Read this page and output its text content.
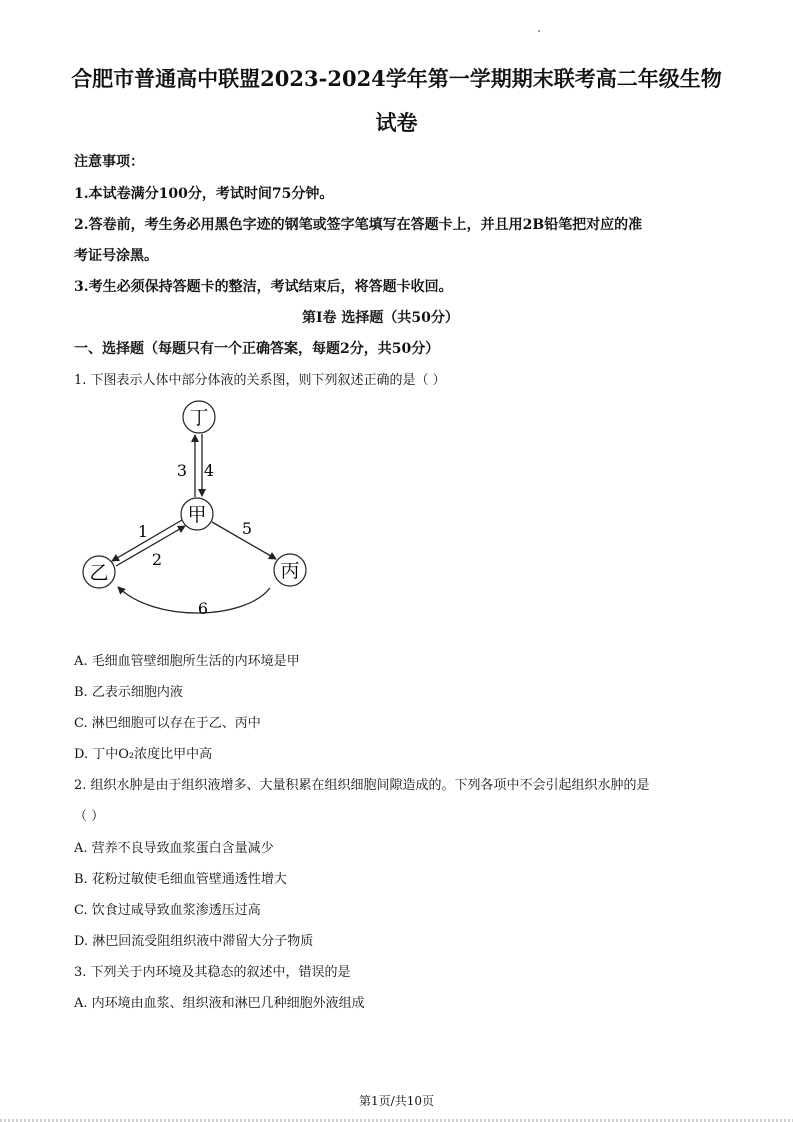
合肥市普通高中联盟2023-2024学年第一学期期末联考高二年级生物
试卷
注意事项：
1.本试卷满分100分，考试时间75分钟。
2.答卷前，考生务必用黑色字迹的钢笔或签字笔填写在答题卡上，并且用2B铅笔把对应的准
考证号涂黑。
3.考生必须保持答题卡的整洁，考试结束后，将答题卡收回。
第Ⅰ卷 选择题（共50分）
一、选择题（每题只有一个正确答案，每题2分，共50分）
1. 下图表示人体中部分体液的关系图，则下列叙述正确的是（ ）
丁
甲
乙	丙
3 4
1
2
5
6
A. 毛细血管壁细胞所生活的内环境是甲
B. 乙表示细胞内液
C. 淋巴细胞可以存在于乙、丙中
D. 丁中O₂浓度比甲中高
2. 组织水肿是由于组织液增多、大量积累在组织细胞间隙造成的。下列各项中不会引起组织水肿的是
（ ）
A. 营养不良导致血浆蛋白含量减少
B. 花粉过敏使毛细血管壁通透性增大
C. 饮食过咸导致血浆渗透压过高
D. 淋巴回流受阻组织液中滞留大分子物质
3. 下列关于内环境及其稳态的叙述中，错误的是
A. 内环境由血浆、组织液和淋巴几种细胞外液组成
第1页/共10页
